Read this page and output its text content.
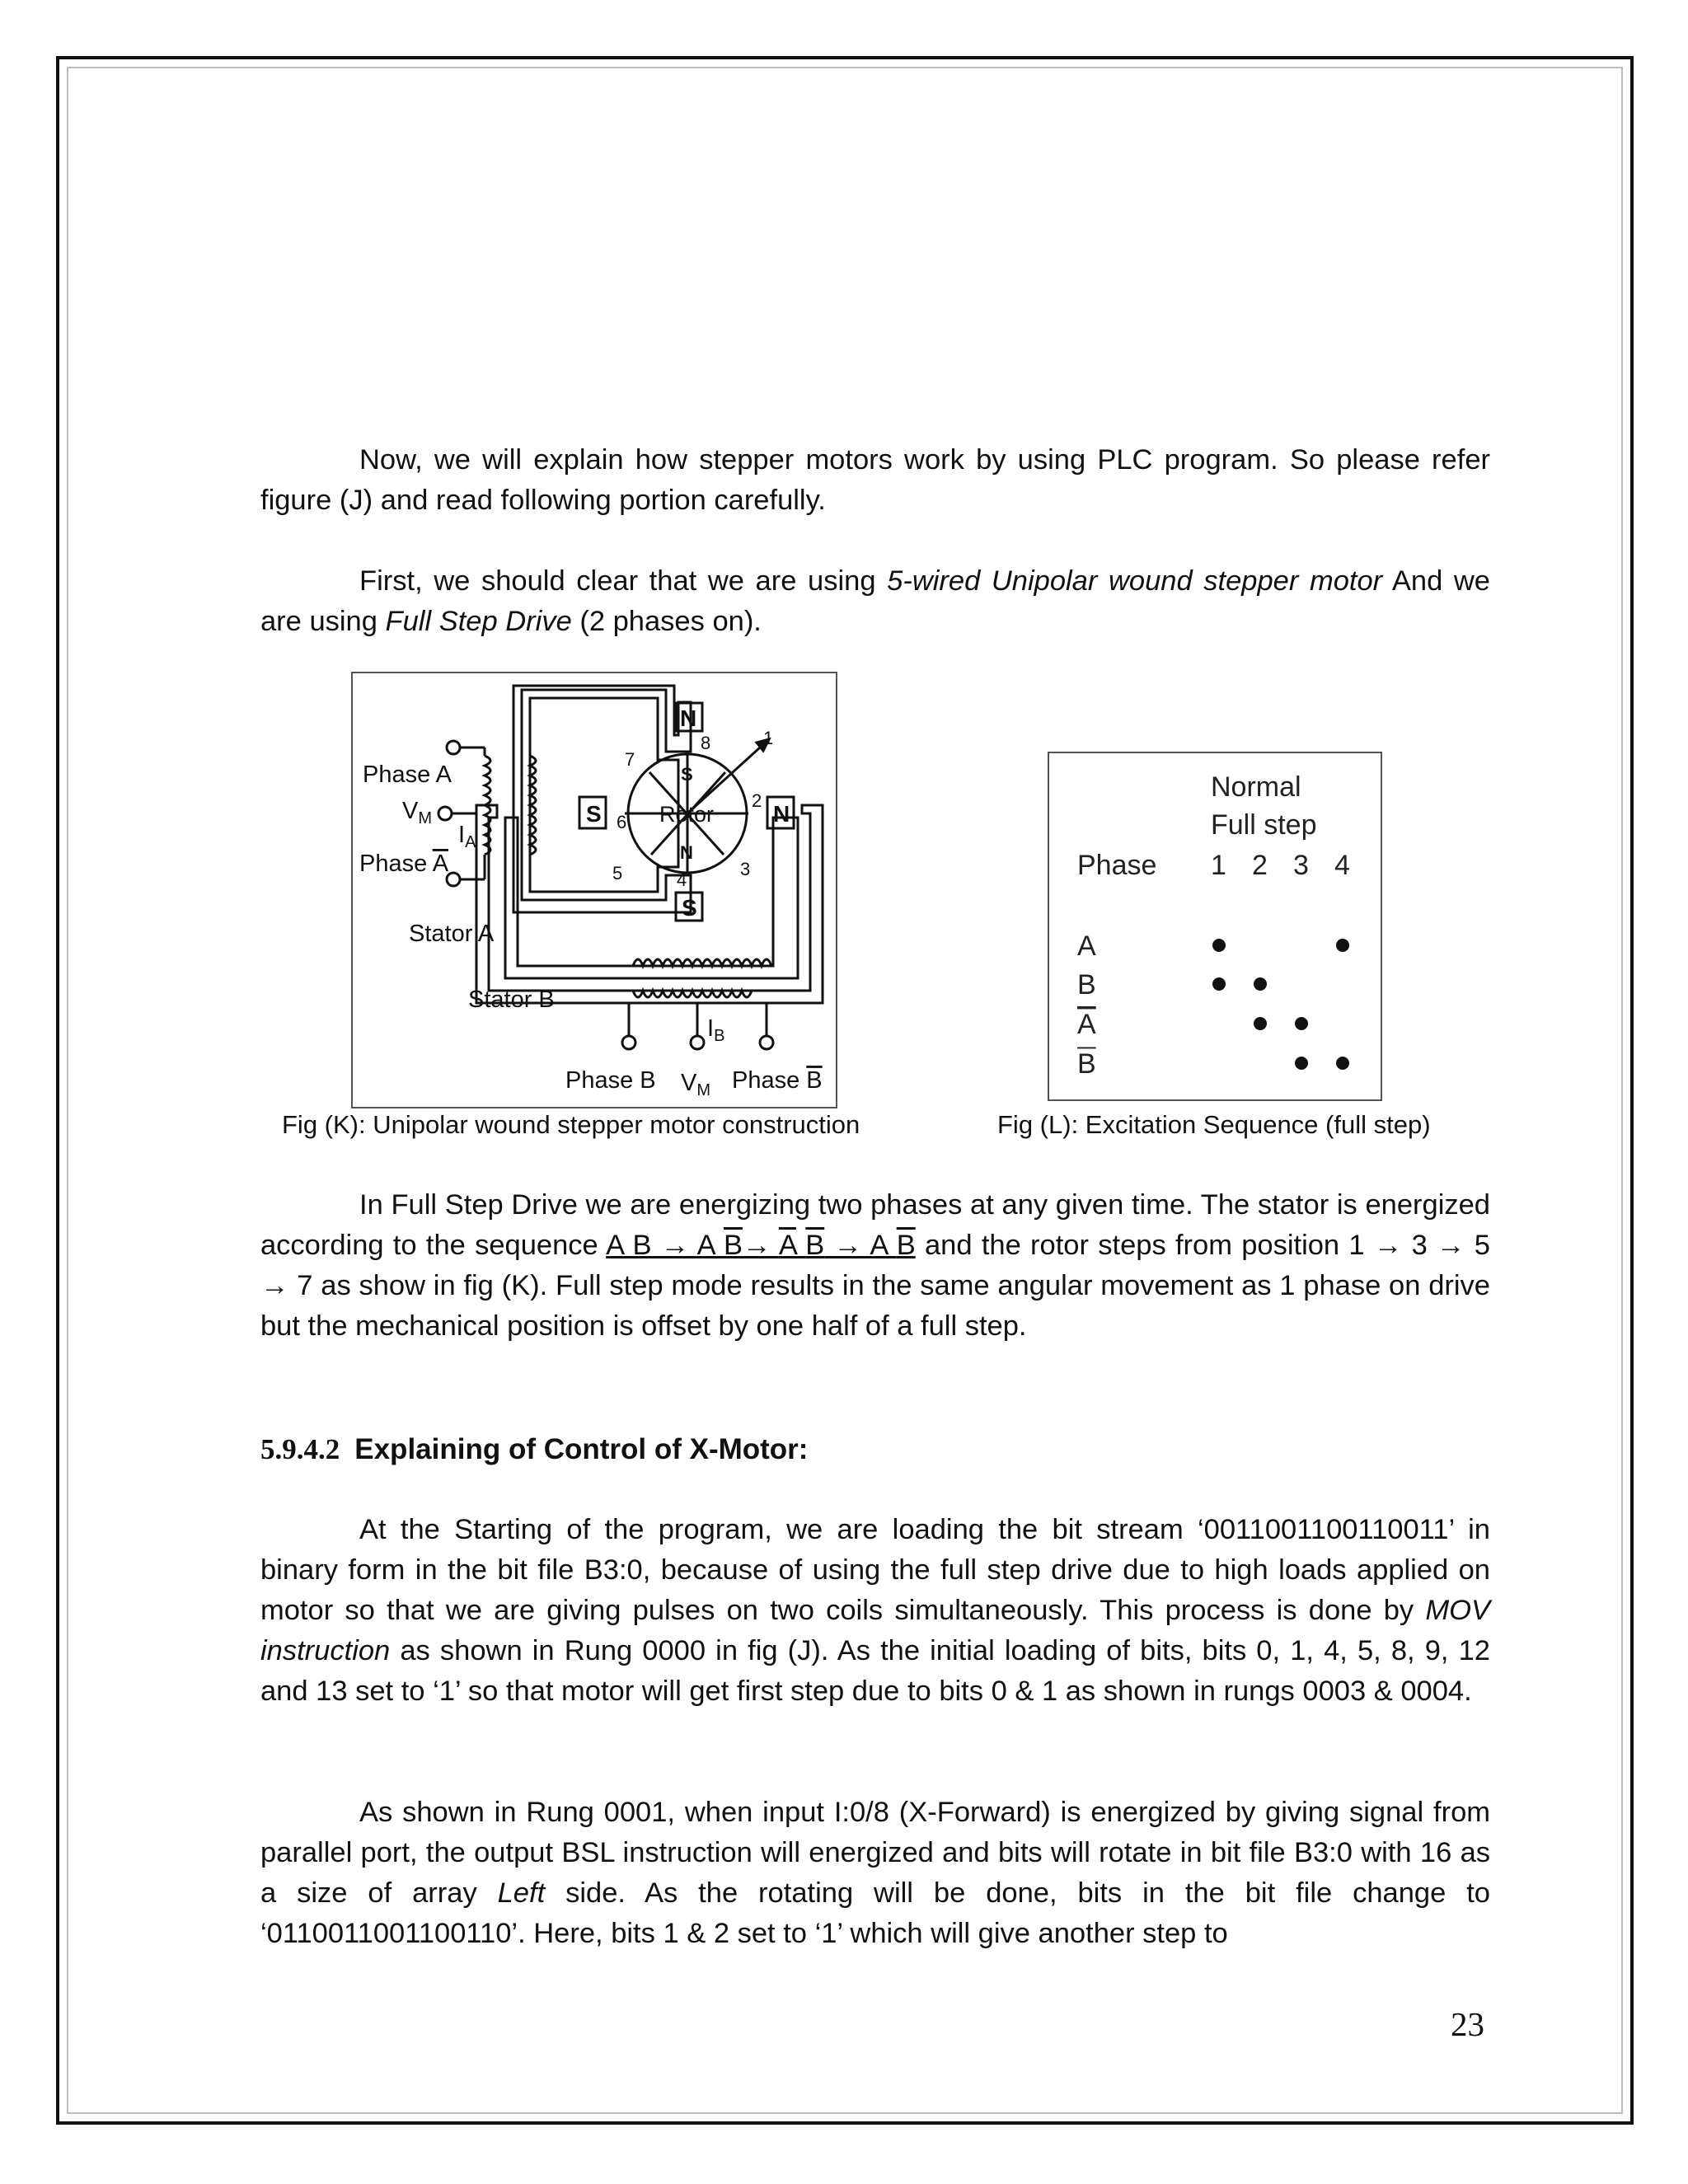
Now, we will explain how stepper motors work by using PLC program. So please refer figure (J) and read following portion carefully.

First, we should clear that we are using 5-wired Unipolar wound stepper motor And we are using Full Step Drive (2 phases on).

Phase A
$V_M$
$I_A$
Phase A
Stator A
Stator B
Phase B $V_M$
$I_B$
Phase B
Rotor
N
S	N
S
S
N
1
2
3
4
5
6
7
8
Normal
Full step
Phase 1 2 3 4
A
B
A
B

Fig (K): Unipolar wound stepper motor construction	Fig (L): Excitation Sequence (full step)

In Full Step Drive we are energizing two phases at any given time. The stator is energized according to the sequence A B → A B→ A B → A B and the rotor steps from position 1 → 3 → 5 → 7 as show in fig (K). Full step mode results in the same angular movement as 1 phase on drive but the mechanical position is offset by one half of a full step.

5.9.4.2 Explaining of Control of X-Motor:

At the Starting of the program, we are loading the bit stream ‘0011001100110011’ in binary form in the bit file B3:0, because of using the full step drive due to high loads applied on motor so that we are giving pulses on two coils simultaneously. This process is done by MOV instruction as shown in Rung 0000 in fig (J). As the initial loading of bits, bits 0, 1, 4, 5, 8, 9, 12 and 13 set to ‘1’ so that motor will get first step due to bits 0 & 1 as shown in rungs 0003 & 0004.

As shown in Rung 0001, when input I:0/8 (X-Forward) is energized by giving signal from parallel port, the output BSL instruction will energized and bits will rotate in bit file B3:0 with 16 as a size of array Left side. As the rotating will be done, bits in the bit file change to ‘0110011001100110’. Here, bits 1 & 2 set to ‘1’ which will give another step to

23
